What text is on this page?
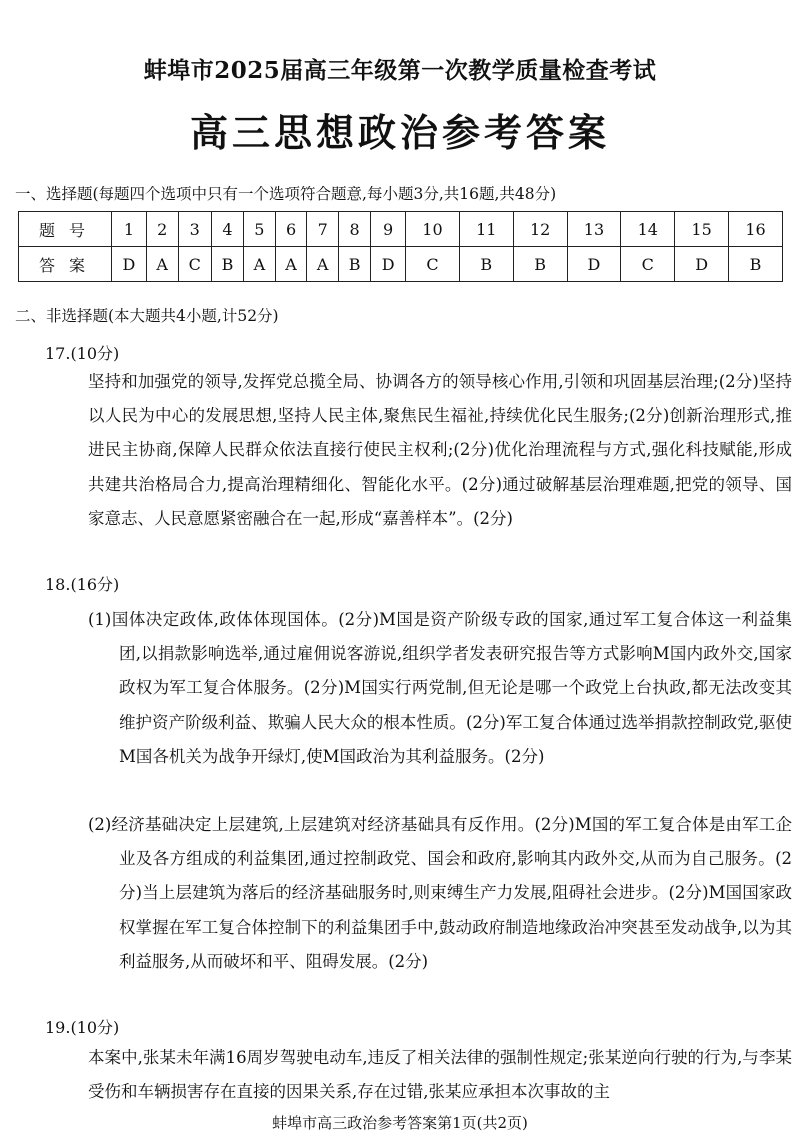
蚌埠市2025届高三年级第一次教学质量检查考试
高三思想政治参考答案
一、选择题(每题四个选项中只有一个选项符合题意,每小题3分,共16题,共48分)
题号	1	2	3	4	5	6	7	8	9	10	11	12	13	14	15	16
答案	D	A	C	B	A	A	A	B	D	C	B	B	D	C	D	B
二、非选择题(本大题共4小题,计52分)
17.(10分)

坚持和加强党的领导,发挥党总揽全局、协调各方的领导核心作用,引领和巩固基层治理;(2分)坚持以人民为中心的发展思想,坚持人民主体,聚焦民生福祉,持续优化民生服务;(2分)创新治理形式,推进民主协商,保障人民群众依法直接行使民主权利;(2分)优化治理流程与方式,强化科技赋能,形成共建共治格局合力,提高治理精细化、智能化水平。(2分)通过破解基层治理难题,把党的领导、国家意志、人民意愿紧密融合在一起,形成“嘉善样本”。(2分)

18.(16分)

(1)国体决定政体,政体体现国体。(2分)M国是资产阶级专政的国家,通过军工复合体这一利益集团,以捐款影响选举,通过雇佣说客游说,组织学者发表研究报告等方式影响M国内政外交,国家政权为军工复合体服务。(2分)M国实行两党制,但无论是哪一个政党上台执政,都无法改变其维护资产阶级利益、欺骗人民大众的根本性质。(2分)军工复合体通过选举捐款控制政党,驱使M国各机关为战争开绿灯,使M国政治为其利益服务。(2分)

(2)经济基础决定上层建筑,上层建筑对经济基础具有反作用。(2分)M国的军工复合体是由军工企业及各方组成的利益集团,通过控制政党、国会和政府,影响其内政外交,从而为自己服务。(2分)当上层建筑为落后的经济基础服务时,则束缚生产力发展,阻碍社会进步。(2分)M国国家政权掌握在军工复合体控制下的利益集团手中,鼓动政府制造地缘政治冲突甚至发动战争,以为其利益服务,从而破坏和平、阻碍发展。(2分)

19.(10分)

本案中,张某未年满16周岁驾驶电动车,违反了相关法律的强制性规定;张某逆向行驶的行为,与李某受伤和车辆损害存在直接的因果关系,存在过错,张某应承担本次事故的主

蚌埠市高三政治参考答案第1页(共2页)
